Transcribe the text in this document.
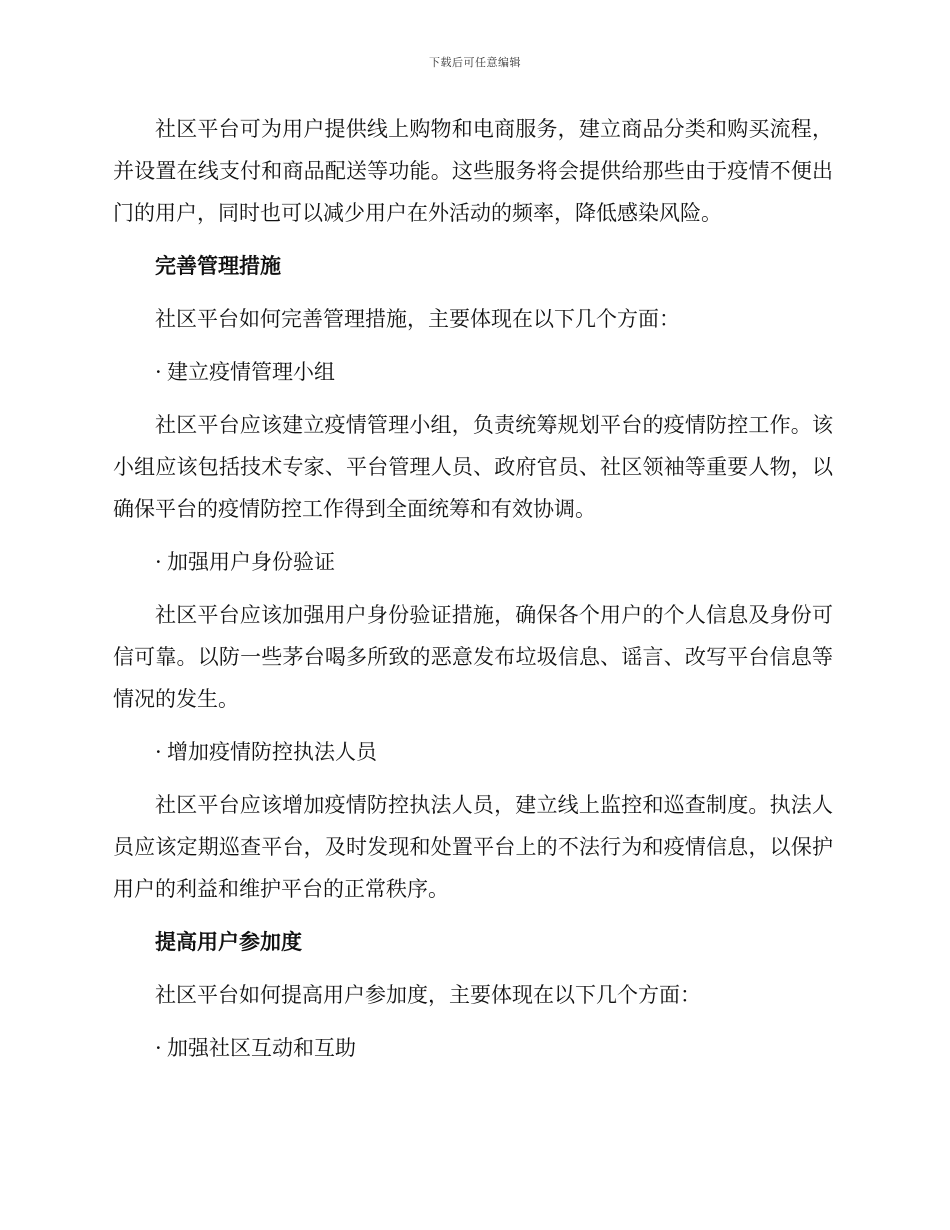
下载后可任意编辑

社区平台可为用户提供线上购物和电商服务，建立商品分类和购买流程，并设置在线支付和商品配送等功能。这些服务将会提供给那些由于疫情不便出门的用户，同时也可以减少用户在外活动的频率，降低感染风险。

完善管理措施

社区平台如何完善管理措施，主要体现在以下几个方面：

· 建立疫情管理小组

社区平台应该建立疫情管理小组，负责统筹规划平台的疫情防控工作。该小组应该包括技术专家、平台管理人员、政府官员、社区领袖等重要人物，以确保平台的疫情防控工作得到全面统筹和有效协调。

· 加强用户身份验证

社区平台应该加强用户身份验证措施，确保各个用户的个人信息及身份可信可靠。以防一些茅台喝多所致的恶意发布垃圾信息、谣言、改写平台信息等情况的发生。

· 增加疫情防控执法人员

社区平台应该增加疫情防控执法人员，建立线上监控和巡查制度。执法人员应该定期巡查平台，及时发现和处置平台上的不法行为和疫情信息，以保护用户的利益和维护平台的正常秩序。

提高用户参加度

社区平台如何提高用户参加度，主要体现在以下几个方面：

· 加强社区互动和互助
